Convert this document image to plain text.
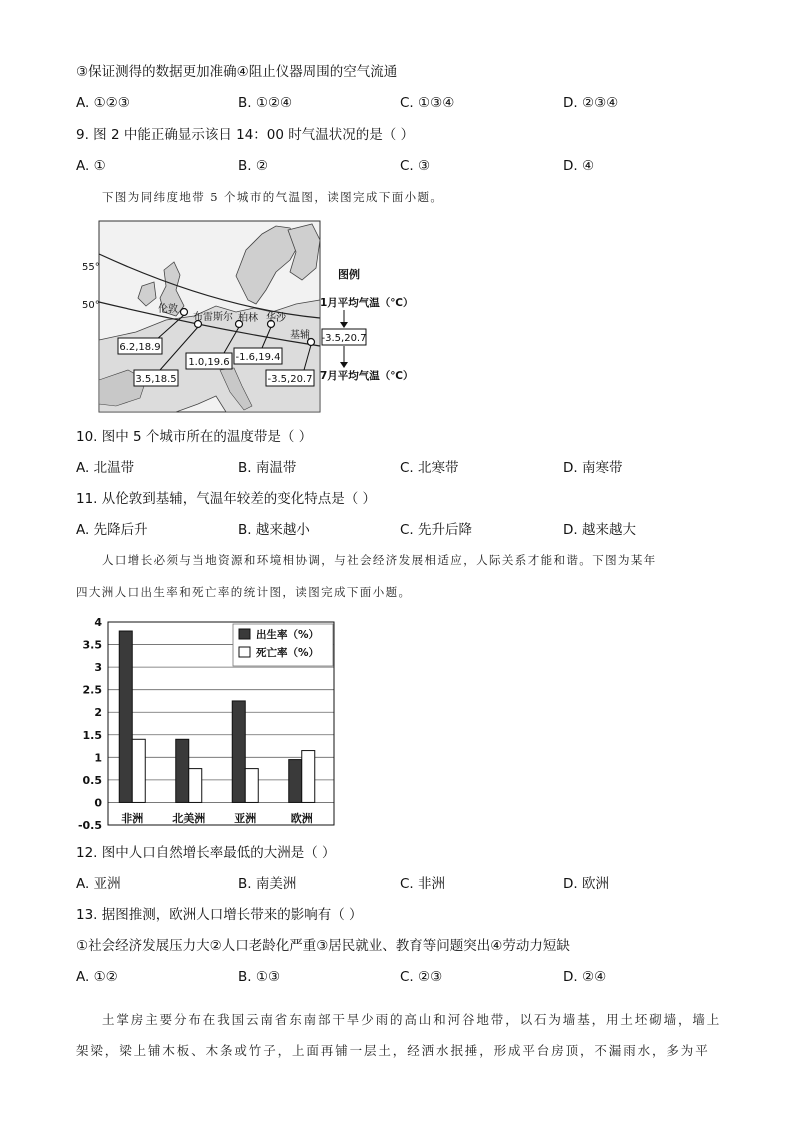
③保证测得的数据更加准确④阻止仪器周围的空气流通
A. ①②③	B. ①②④	C. ①③④	D. ②③④
9. 图 2 中能正确显示该日 14：00 时气温状况的是（ ）
A. ①	B. ②	C. ③	D. ④
下图为同纬度地带 5 个城市的气温图，读图完成下面小题。
55°
50°	伦敦
布雷斯尔 柏林 华沙
基辅
6.2,18.9
3.5,18.5
1.0,19.6 -1.6,19.4
-3.5,20.7
图例
1月平均气温（℃）
-3.5,20.7
7月平均气温（℃）
10. 图中 5 个城市所在的温度带是（ ）
A. 北温带	B. 南温带	C. 北寒带	D. 南寒带
11. 从伦敦到基辅，气温年较差的变化特点是（ ）
A. 先降后升	B. 越来越小	C. 先升后降	D. 越来越大
人口增长必须与当地资源和环境相协调，与社会经济发展相适应，人际关系才能和谐。下图为某年
四大洲人口出生率和死亡率的统计图，读图完成下面小题。
4
3.5
3
2.5
2
1.5
1
0.5
0
-0.5
非洲	北美洲	亚洲	欧洲
出生率（%）
死亡率（%）
12. 图中人口自然增长率最低的大洲是（ ）
A. 亚洲	B. 南美洲	C. 非洲	D. 欧洲
13. 据图推测，欧洲人口增长带来的影响有（ ）
①社会经济发展压力大②人口老龄化严重③居民就业、教育等问题突出④劳动力短缺
A. ①②	B. ①③	C. ②③	D. ②④
土掌房主要分布在我国云南省东南部干旱少雨的高山和河谷地带，以石为墙基，用土坯砌墙，墙上
架梁，梁上铺木板、木条或竹子，上面再铺一层土，经洒水抿捶，形成平台房顶，不漏雨水，多为平
